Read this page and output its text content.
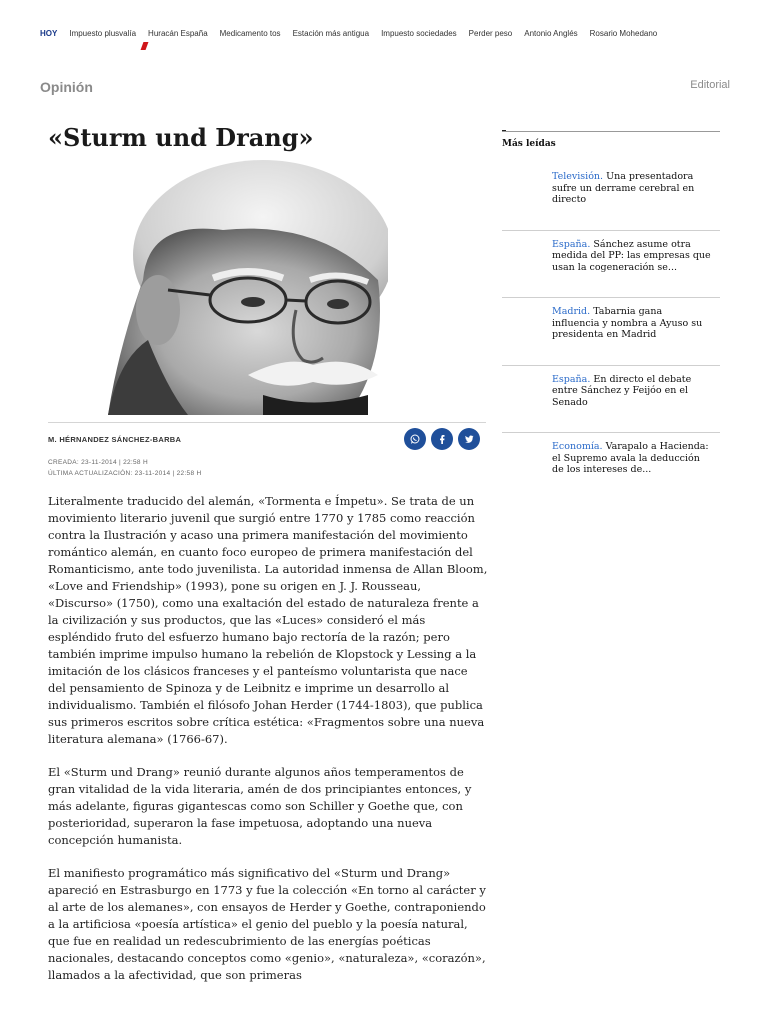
HOY Impuesto plusvalía Huracán España Medicamento tos Estación más antigua Impuesto sociedades Perder peso Antonio Anglés Rosario Mohedano
Opinión	Editorial
«Sturm und Drang»
M. HÉRNANDEZ SÁNCHEZ-BARBA
CREADA: 23-11-2014 | 22:58 H
ÚLTIMA ACTUALIZACIÓN: 23-11-2014 | 22:58 H

Literalmente traducido del alemán, «Tormenta e Ímpetu». Se trata de un movimiento literario juvenil que surgió entre 1770 y 1785 como reacción contra la Ilustración y acaso una primera manifestación del movimiento romántico alemán, en cuanto foco europeo de primera manifestación del Romanticismo, ante todo juvenilista. La autoridad inmensa de Allan Bloom, «Love and Friendship» (1993), pone su origen en J. J. Rousseau, «Discurso» (1750), como una exaltación del estado de naturaleza frente a la civilización y sus productos, que las «Luces» consideró el más espléndido fruto del esfuerzo humano bajo rectoría de la razón; pero también imprime impulso humano la rebelión de Klopstock y Lessing a la imitación de los clásicos franceses y el panteísmo voluntarista que nace del pensamiento de Spinoza y de Leibnitz e imprime un desarrollo al individualismo. También el filósofo Johan Herder (1744-1803), que publica sus primeros escritos sobre crítica estética: «Fragmentos sobre una nueva literatura alemana» (1766-67).

El «Sturm und Drang» reunió durante algunos años temperamentos de gran vitalidad de la vida literaria, amén de dos principiantes entonces, y más adelante, figuras gigantescas como son Schiller y Goethe que, con posterioridad, superaron la fase impetuosa, adoptando una nueva concepción humanista.

El manifiesto programático más significativo del «Sturm und Drang» apareció en Estrasburgo en 1773 y fue la colección «En torno al carácter y al arte de los alemanes», con ensayos de Herder y Goethe, contraponiendo a la artificiosa «poesía artística» el genio del pueblo y la poesía natural, que fue en realidad un redescubrimiento de las energías poéticas nacionales, destacando conceptos como «genio», «naturaleza», «corazón», llamados a la afectividad, que son primeras

Más leídas
Televisión. Una presentadora sufre un derrame cerebral en directo
España. Sánchez asume otra medida del PP: las empresas que usan la cogeneración se...
Madrid. Tabarnia gana influencia y nombra a Ayuso su presidenta en Madrid
España. En directo el debate entre Sánchez y Feijóo en el Senado
Economía. Varapalo a Hacienda: el Supremo avala la deducción de los intereses de...
